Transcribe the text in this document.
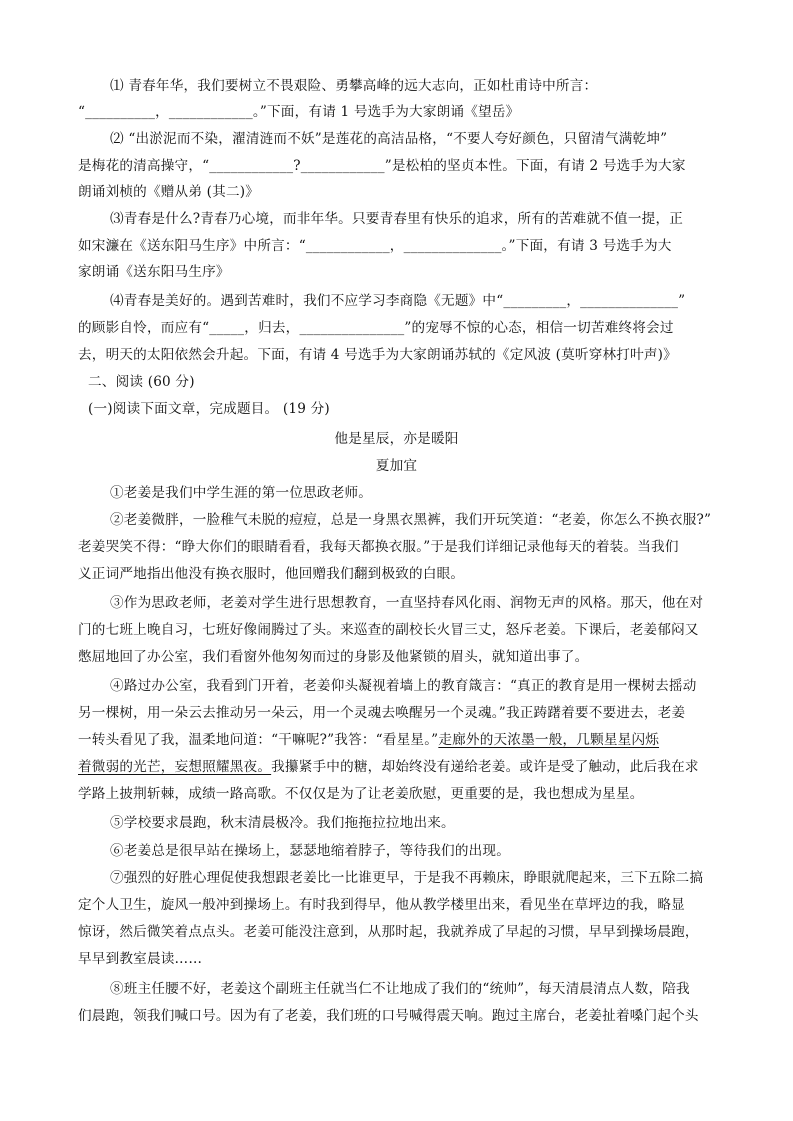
⑴ 青春年华，我们要树立不畏艰险、勇攀高峰的远大志向，正如杜甫诗中所言：
“__________，____________。”下面，有请 1 号选手为大家朗诵《望岳》
⑵ “出淤泥而不染，濯清涟而不妖”是莲花的高洁品格，“不要人夸好颜色，只留清气满乾坤”
是梅花的清高操守，“____________?____________”是松柏的坚贞本性。下面，有请 2 号选手为大家
朗诵刘桢的《赠从弟 (其二)》
⑶青春是什么?青春乃心境，而非年华。只要青春里有快乐的追求，所有的苦难就不值一提，正
如宋濂在《送东阳马生序》中所言：“____________，______________。”下面，有请 3 号选手为大
家朗诵《送东阳马生序》
⑷青春是美好的。遇到苦难时，我们不应学习李商隐《无题》中“_________，______________”
的顾影自怜，而应有“_____，归去，_______________”的宠辱不惊的心态，相信一切苦难终将会过
去，明天的太阳依然会升起。下面，有请 4 号选手为大家朗诵苏轼的《定风波 (莫听穿林打叶声)》
二、阅读 (60 分)
(一)阅读下面文章，完成题目。 (19 分)
他是星辰，亦是暖阳
夏加宜
①老姜是我们中学生涯的第一位思政老师。
②老姜微胖，一脸稚气未脱的痘痘，总是一身黑衣黑裤，我们开玩笑道：“老姜，你怎么不换衣服?”
老姜哭笑不得：“睁大你们的眼睛看看，我每天都换衣服。”于是我们详细记录他每天的着装。当我们
义正词严地指出他没有换衣服时，他回赠我们翻到极致的白眼。
③作为思政老师，老姜对学生进行思想教育，一直坚持春风化雨、润物无声的风格。那天，他在对
门的七班上晚自习，七班好像闹腾过了头。来巡查的副校长火冒三丈，怒斥老姜。下课后，老姜郁闷又
憋屈地回了办公室，我们看窗外他匆匆而过的身影及他紧锁的眉头，就知道出事了。
④路过办公室，我看到门开着，老姜仰头凝视着墙上的教育箴言：“真正的教育是用一棵树去摇动
另一棵树，用一朵云去推动另一朵云，用一个灵魂去唤醒另一个灵魂。”我正踌躇着要不要进去，老姜
一转头看见了我，温柔地问道：“干嘛呢?”我答：“看星星。”走廊外的天浓墨一般，几颗星星闪烁
着微弱的光芒，妄想照耀黑夜。我攥紧手中的糖，却始终没有递给老姜。或许是受了触动，此后我在求
学路上披荆斩棘，成绩一路高歌。不仅仅是为了让老姜欣慰，更重要的是，我也想成为星星。
⑤学校要求晨跑，秋末清晨极冷。我们拖拖拉拉地出来。
⑥老姜总是很早站在操场上，瑟瑟地缩着脖子，等待我们的出现。
⑦强烈的好胜心理促使我想跟老姜比一比谁更早，于是我不再赖床，睁眼就爬起来，三下五除二搞
定个人卫生，旋风一般冲到操场上。有时我到得早，他从教学楼里出来，看见坐在草坪边的我，略显
惊讶，然后微笑着点点头。老姜可能没注意到，从那时起，我就养成了早起的习惯，早早到操场晨跑，
早早到教室晨读……
⑧班主任腰不好，老姜这个副班主任就当仁不让地成了我们的“统帅”，每天清晨清点人数，陪我
们晨跑，领我们喊口号。因为有了老姜，我们班的口号喊得震天响。跑过主席台，老姜扯着嗓门起个头
